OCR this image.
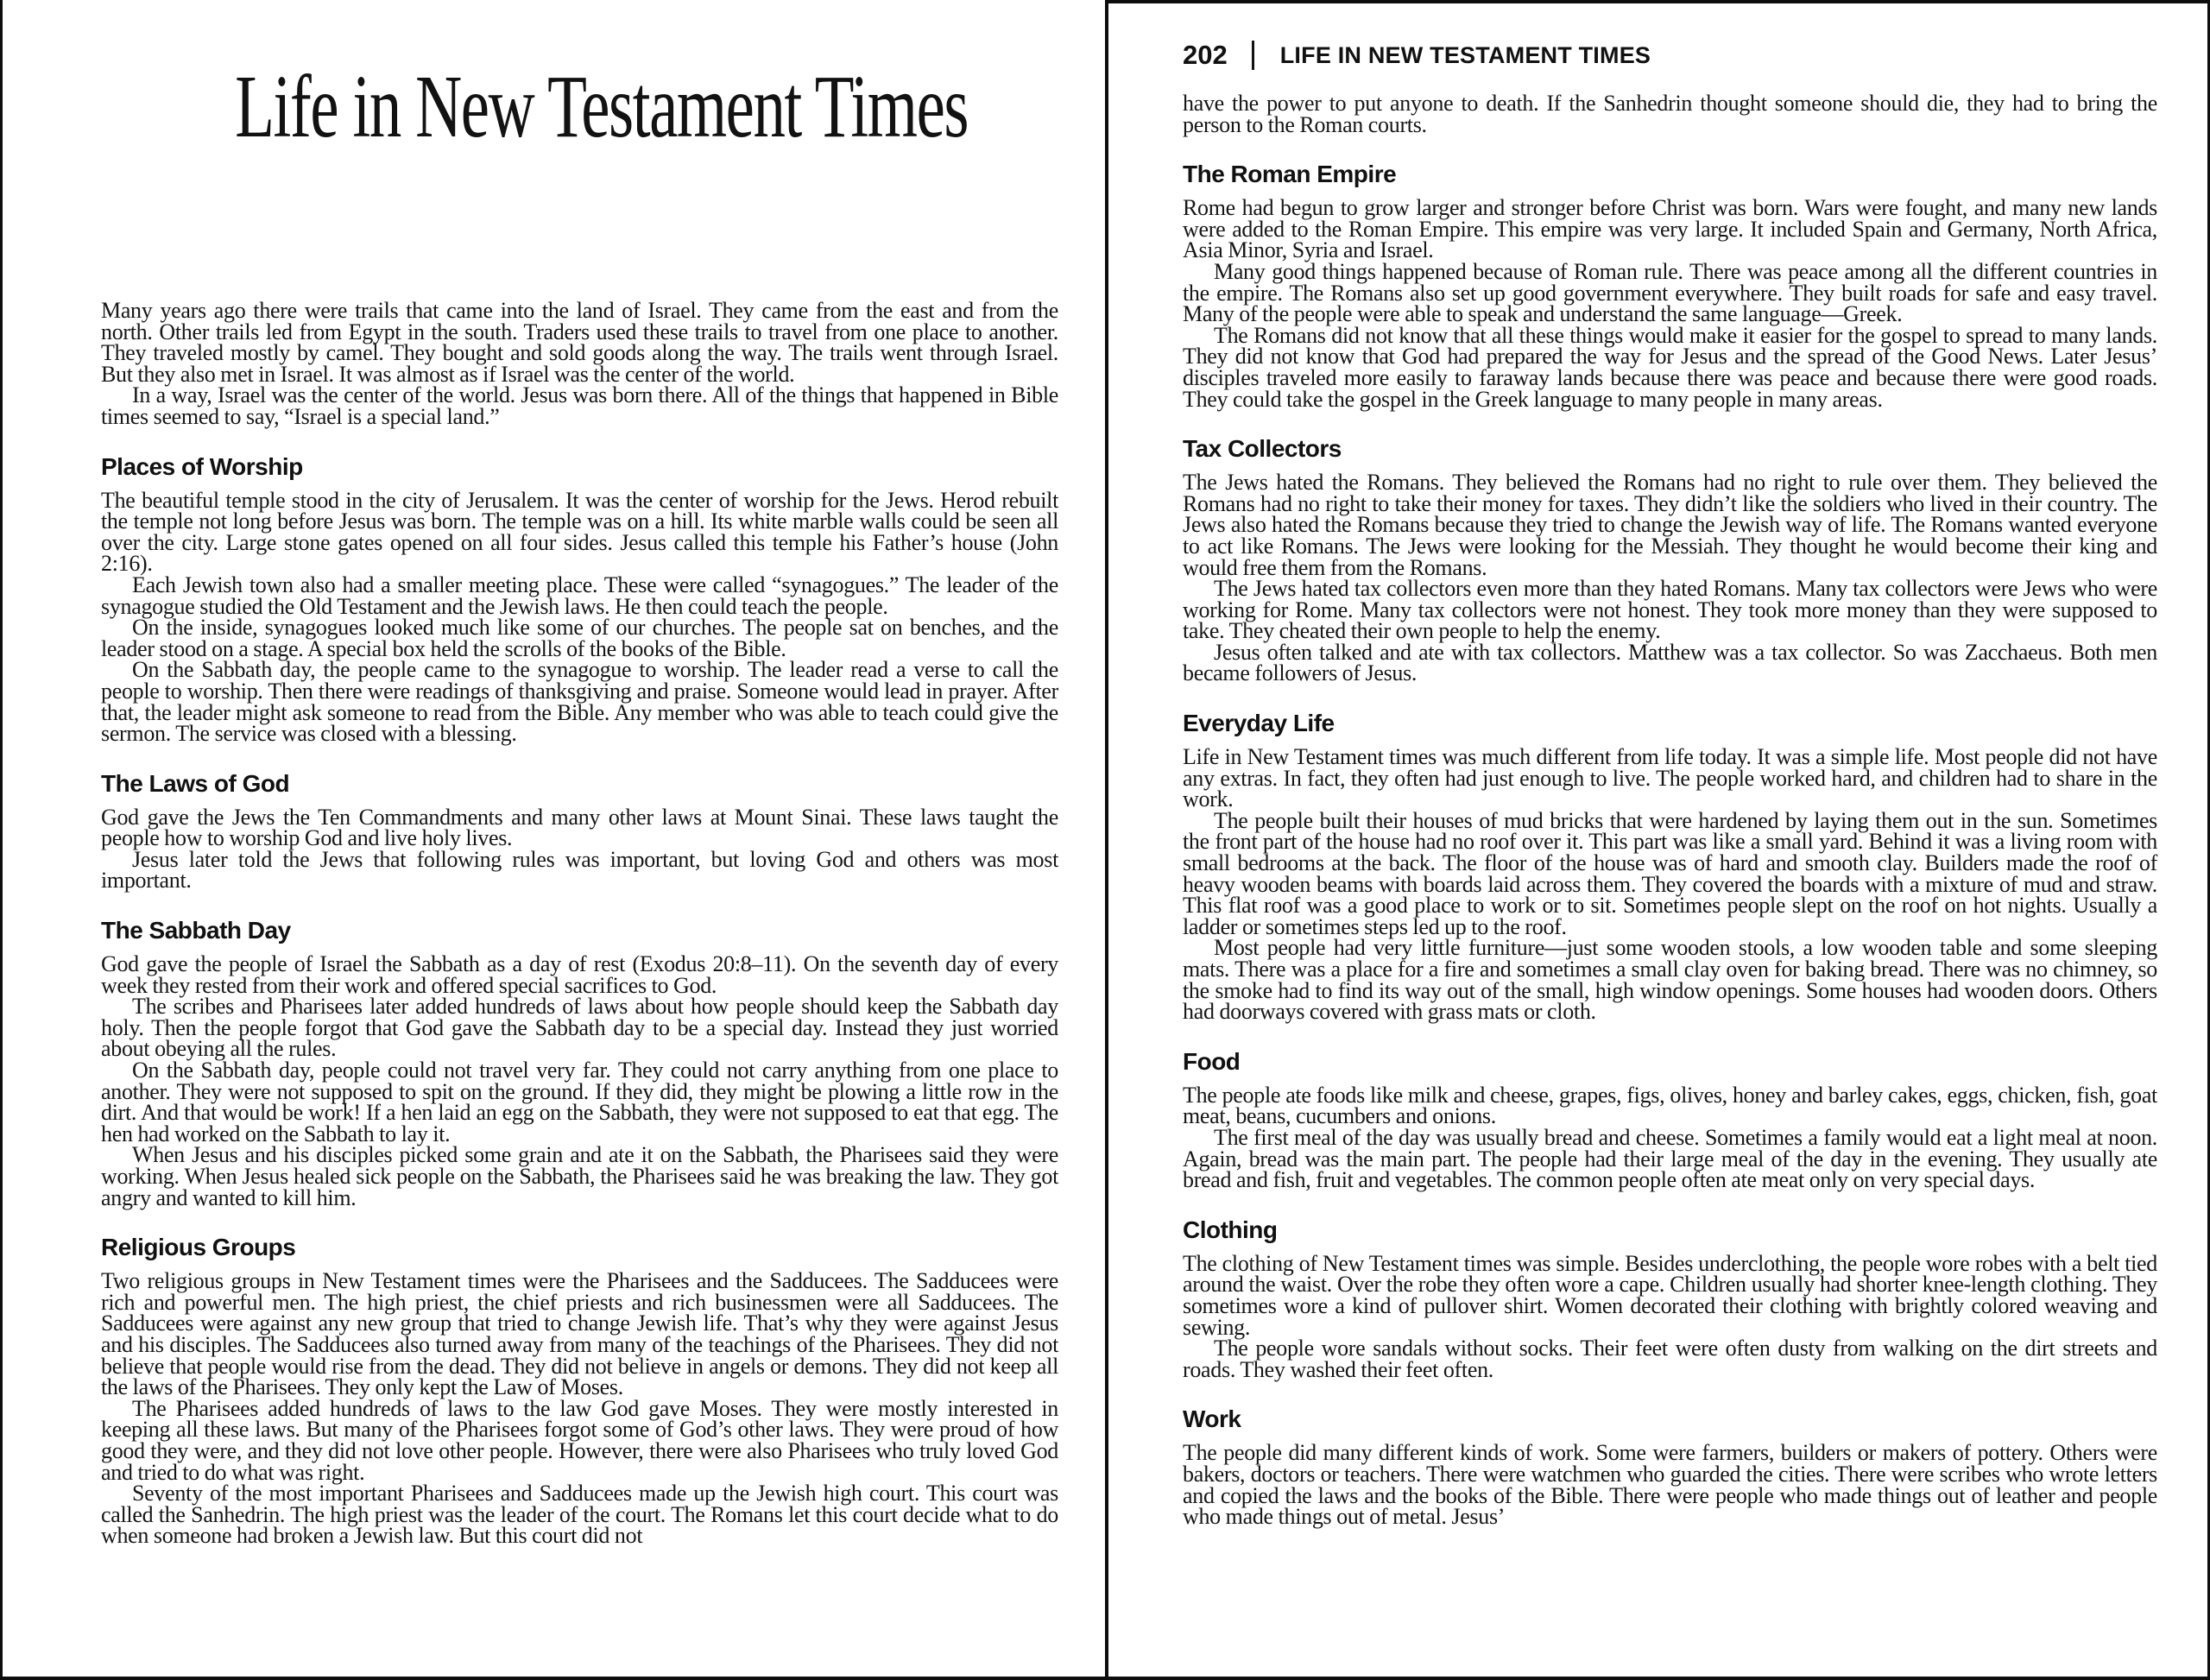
Life in New Testament Times

Many years ago there were trails that came into the land of Israel. They came from the east and from the north. Other trails led from Egypt in the south. Traders used these trails to travel from one place to another. They traveled mostly by camel. They bought and sold goods along the way. The trails went through Israel. But they also met in Israel. It was almost as if Israel was the center of the world.

In a way, Israel was the center of the world. Jesus was born there. All of the things that happened in Bible times seemed to say, “Israel is a special land.”

Places of Worship

The beautiful temple stood in the city of Jerusalem. It was the center of worship for the Jews. Herod rebuilt the temple not long before Jesus was born. The temple was on a hill. Its white marble walls could be seen all over the city. Large stone gates opened on all four sides. Jesus called this temple his Father’s house (John 2:16).

Each Jewish town also had a smaller meeting place. These were called “synagogues.” The leader of the synagogue studied the Old Testament and the Jewish laws. He then could teach the people.

On the inside, synagogues looked much like some of our churches. The people sat on benches, and the leader stood on a stage. A special box held the scrolls of the books of the Bible.

On the Sabbath day, the people came to the synagogue to worship. The leader read a verse to call the people to worship. Then there were readings of thanksgiving and praise. Someone would lead in prayer. After that, the leader might ask someone to read from the Bible. Any member who was able to teach could give the sermon. The service was closed with a blessing.

The Laws of God

God gave the Jews the Ten Commandments and many other laws at Mount Sinai. These laws taught the people how to worship God and live holy lives.

Jesus later told the Jews that following rules was important, but loving God and others was most important.

The Sabbath Day

God gave the people of Israel the Sabbath as a day of rest (Exodus 20:8–11). On the seventh day of every week they rested from their work and offered special sacrifices to God.

The scribes and Pharisees later added hundreds of laws about how people should keep the Sabbath day holy. Then the people forgot that God gave the Sabbath day to be a special day. Instead they just worried about obeying all the rules.

On the Sabbath day, people could not travel very far. They could not carry anything from one place to another. They were not supposed to spit on the ground. If they did, they might be plowing a little row in the dirt. And that would be work! If a hen laid an egg on the Sabbath, they were not supposed to eat that egg. The hen had worked on the Sabbath to lay it.

When Jesus and his disciples picked some grain and ate it on the Sabbath, the Pharisees said they were working. When Jesus healed sick people on the Sabbath, the Pharisees said he was breaking the law. They got angry and wanted to kill him.

Religious Groups

Two religious groups in New Testament times were the Pharisees and the Sadducees. The Sadducees were rich and powerful men. The high priest, the chief priests and rich businessmen were all Sadducees. The Sadducees were against any new group that tried to change Jewish life. That’s why they were against Jesus and his disciples. The Sadducees also turned away from many of the teachings of the Pharisees. They did not believe that people would rise from the dead. They did not believe in angels or demons. They did not keep all the laws of the Pharisees. They only kept the Law of Moses.

The Pharisees added hundreds of laws to the law God gave Moses. They were mostly interested in keeping all these laws. But many of the Pharisees forgot some of God’s other laws. They were proud of how good they were, and they did not love other people. However, there were also Pharisees who truly loved God and tried to do what was right.

Seventy of the most important Pharisees and Sadducees made up the Jewish high court. This court was called the Sanhedrin. The high priest was the leader of the court. The Romans let this court decide what to do when someone had broken a Jewish law. But this court did not

202 LIFE IN NEW TESTAMENT TIMES

have the power to put anyone to death. If the Sanhedrin thought someone should die, they had to bring the person to the Roman courts.

The Roman Empire

Rome had begun to grow larger and stronger before Christ was born. Wars were fought, and many new lands were added to the Roman Empire. This empire was very large. It included Spain and Germany, North Africa, Asia Minor, Syria and Israel.

Many good things happened because of Roman rule. There was peace among all the different countries in the empire. The Romans also set up good government everywhere. They built roads for safe and easy travel. Many of the people were able to speak and understand the same language—Greek.

The Romans did not know that all these things would make it easier for the gospel to spread to many lands. They did not know that God had prepared the way for Jesus and the spread of the Good News. Later Jesus’ disciples traveled more easily to faraway lands because there was peace and because there were good roads. They could take the gospel in the Greek language to many people in many areas.

Tax Collectors

The Jews hated the Romans. They believed the Romans had no right to rule over them. They believed the Romans had no right to take their money for taxes. They didn’t like the soldiers who lived in their country. The Jews also hated the Romans because they tried to change the Jewish way of life. The Romans wanted everyone to act like Romans. The Jews were looking for the Messiah. They thought he would become their king and would free them from the Romans.

The Jews hated tax collectors even more than they hated Romans. Many tax collectors were Jews who were working for Rome. Many tax collectors were not honest. They took more money than they were supposed to take. They cheated their own people to help the enemy.

Jesus often talked and ate with tax collectors. Matthew was a tax collector. So was Zacchaeus. Both men became followers of Jesus.

Everyday Life

Life in New Testament times was much different from life today. It was a simple life. Most people did not have any extras. In fact, they often had just enough to live. The people worked hard, and children had to share in the work.

The people built their houses of mud bricks that were hardened by laying them out in the sun. Sometimes the front part of the house had no roof over it. This part was like a small yard. Behind it was a living room with small bedrooms at the back. The floor of the house was of hard and smooth clay. Builders made the roof of heavy wooden beams with boards laid across them. They covered the boards with a mixture of mud and straw. This flat roof was a good place to work or to sit. Sometimes people slept on the roof on hot nights. Usually a ladder or sometimes steps led up to the roof.

Most people had very little furniture—just some wooden stools, a low wooden table and some sleeping mats. There was a place for a fire and sometimes a small clay oven for baking bread. There was no chimney, so the smoke had to find its way out of the small, high window openings. Some houses had wooden doors. Others had doorways covered with grass mats or cloth.

Food

The people ate foods like milk and cheese, grapes, figs, olives, honey and barley cakes, eggs, chicken, fish, goat meat, beans, cucumbers and onions.

The first meal of the day was usually bread and cheese. Sometimes a family would eat a light meal at noon. Again, bread was the main part. The people had their large meal of the day in the evening. They usually ate bread and fish, fruit and vegetables. The common people often ate meat only on very special days.

Clothing

The clothing of New Testament times was simple. Besides underclothing, the people wore robes with a belt tied around the waist. Over the robe they often wore a cape. Children usually had shorter knee-length clothing. They sometimes wore a kind of pullover shirt. Women decorated their clothing with brightly colored weaving and sewing.

The people wore sandals without socks. Their feet were often dusty from walking on the dirt streets and roads. They washed their feet often.

Work

The people did many different kinds of work. Some were farmers, builders or makers of pottery. Others were bakers, doctors or teachers. There were watchmen who guarded the cities. There were scribes who wrote letters and copied the laws and the books of the Bible. There were people who made things out of leather and people who made things out of metal. Jesus’
